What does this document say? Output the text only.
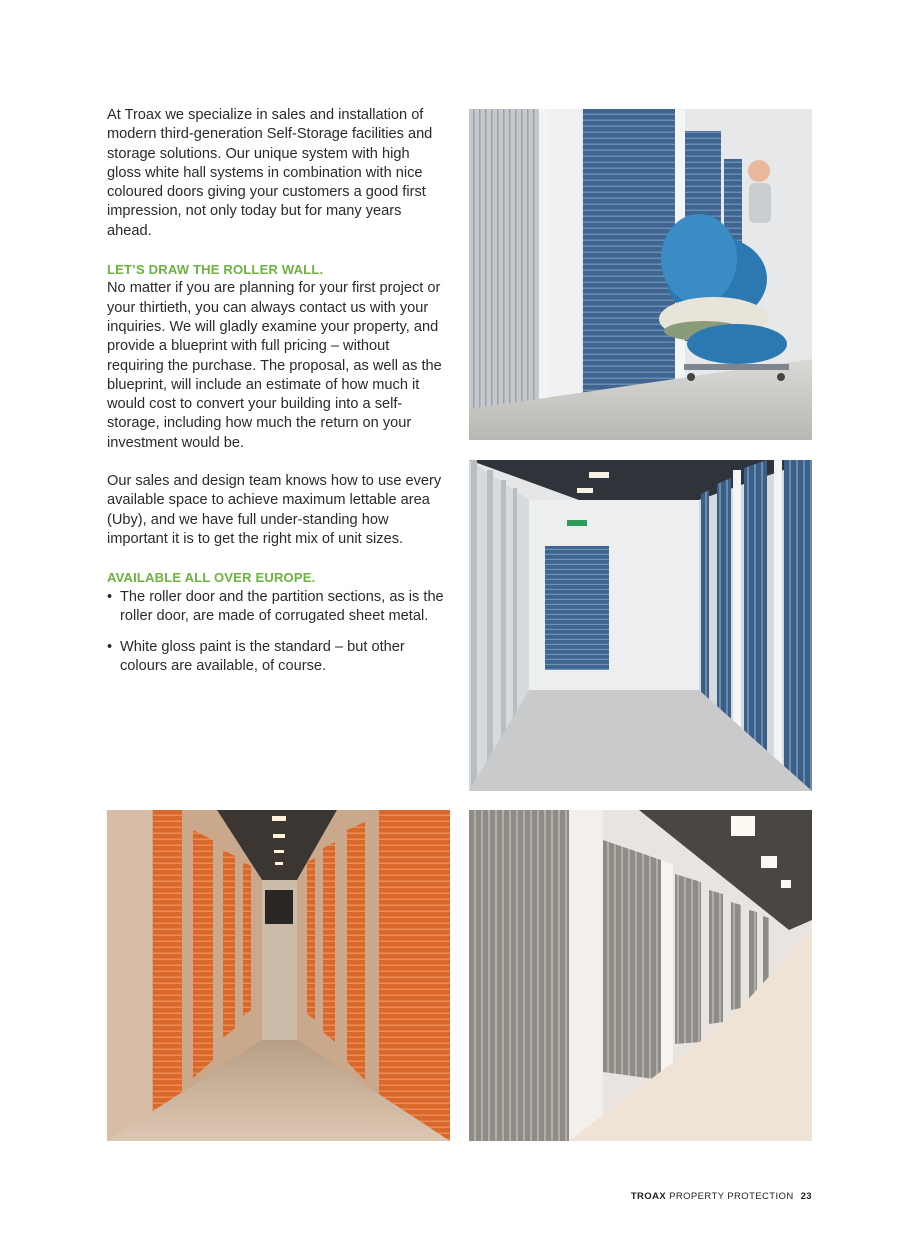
At Troax we specialize in sales and installation of modern third-generation Self-Storage facilities and storage solutions. Our unique system with high gloss white hall systems in combination with nice coloured doors giving your customers a good first impression, not only today but for many years ahead.

LET’S DRAW THE ROLLER WALL.

No matter if you are planning for your first project or your thirtieth, you can always contact us with your inquiries. We will gladly examine your property, and provide a blueprint with full pricing – without requiring the purchase. The proposal, as well as the blueprint, will include an estimate of how much it would cost to convert your building into a self-storage, including how much the return on your investment would be.

Our sales and design team knows how to use every available space to achieve maximum lettable area (Uby), and we have full under-standing how important it is to get the right mix of unit sizes.

AVAILABLE ALL OVER EUROPE.
• The roller door and the partition sections, as is the roller door, are made of corrugated sheet metal.
• White gloss paint is the standard – but other colours are available, of course.
TROAX PROPERTY PROTECTION 23
